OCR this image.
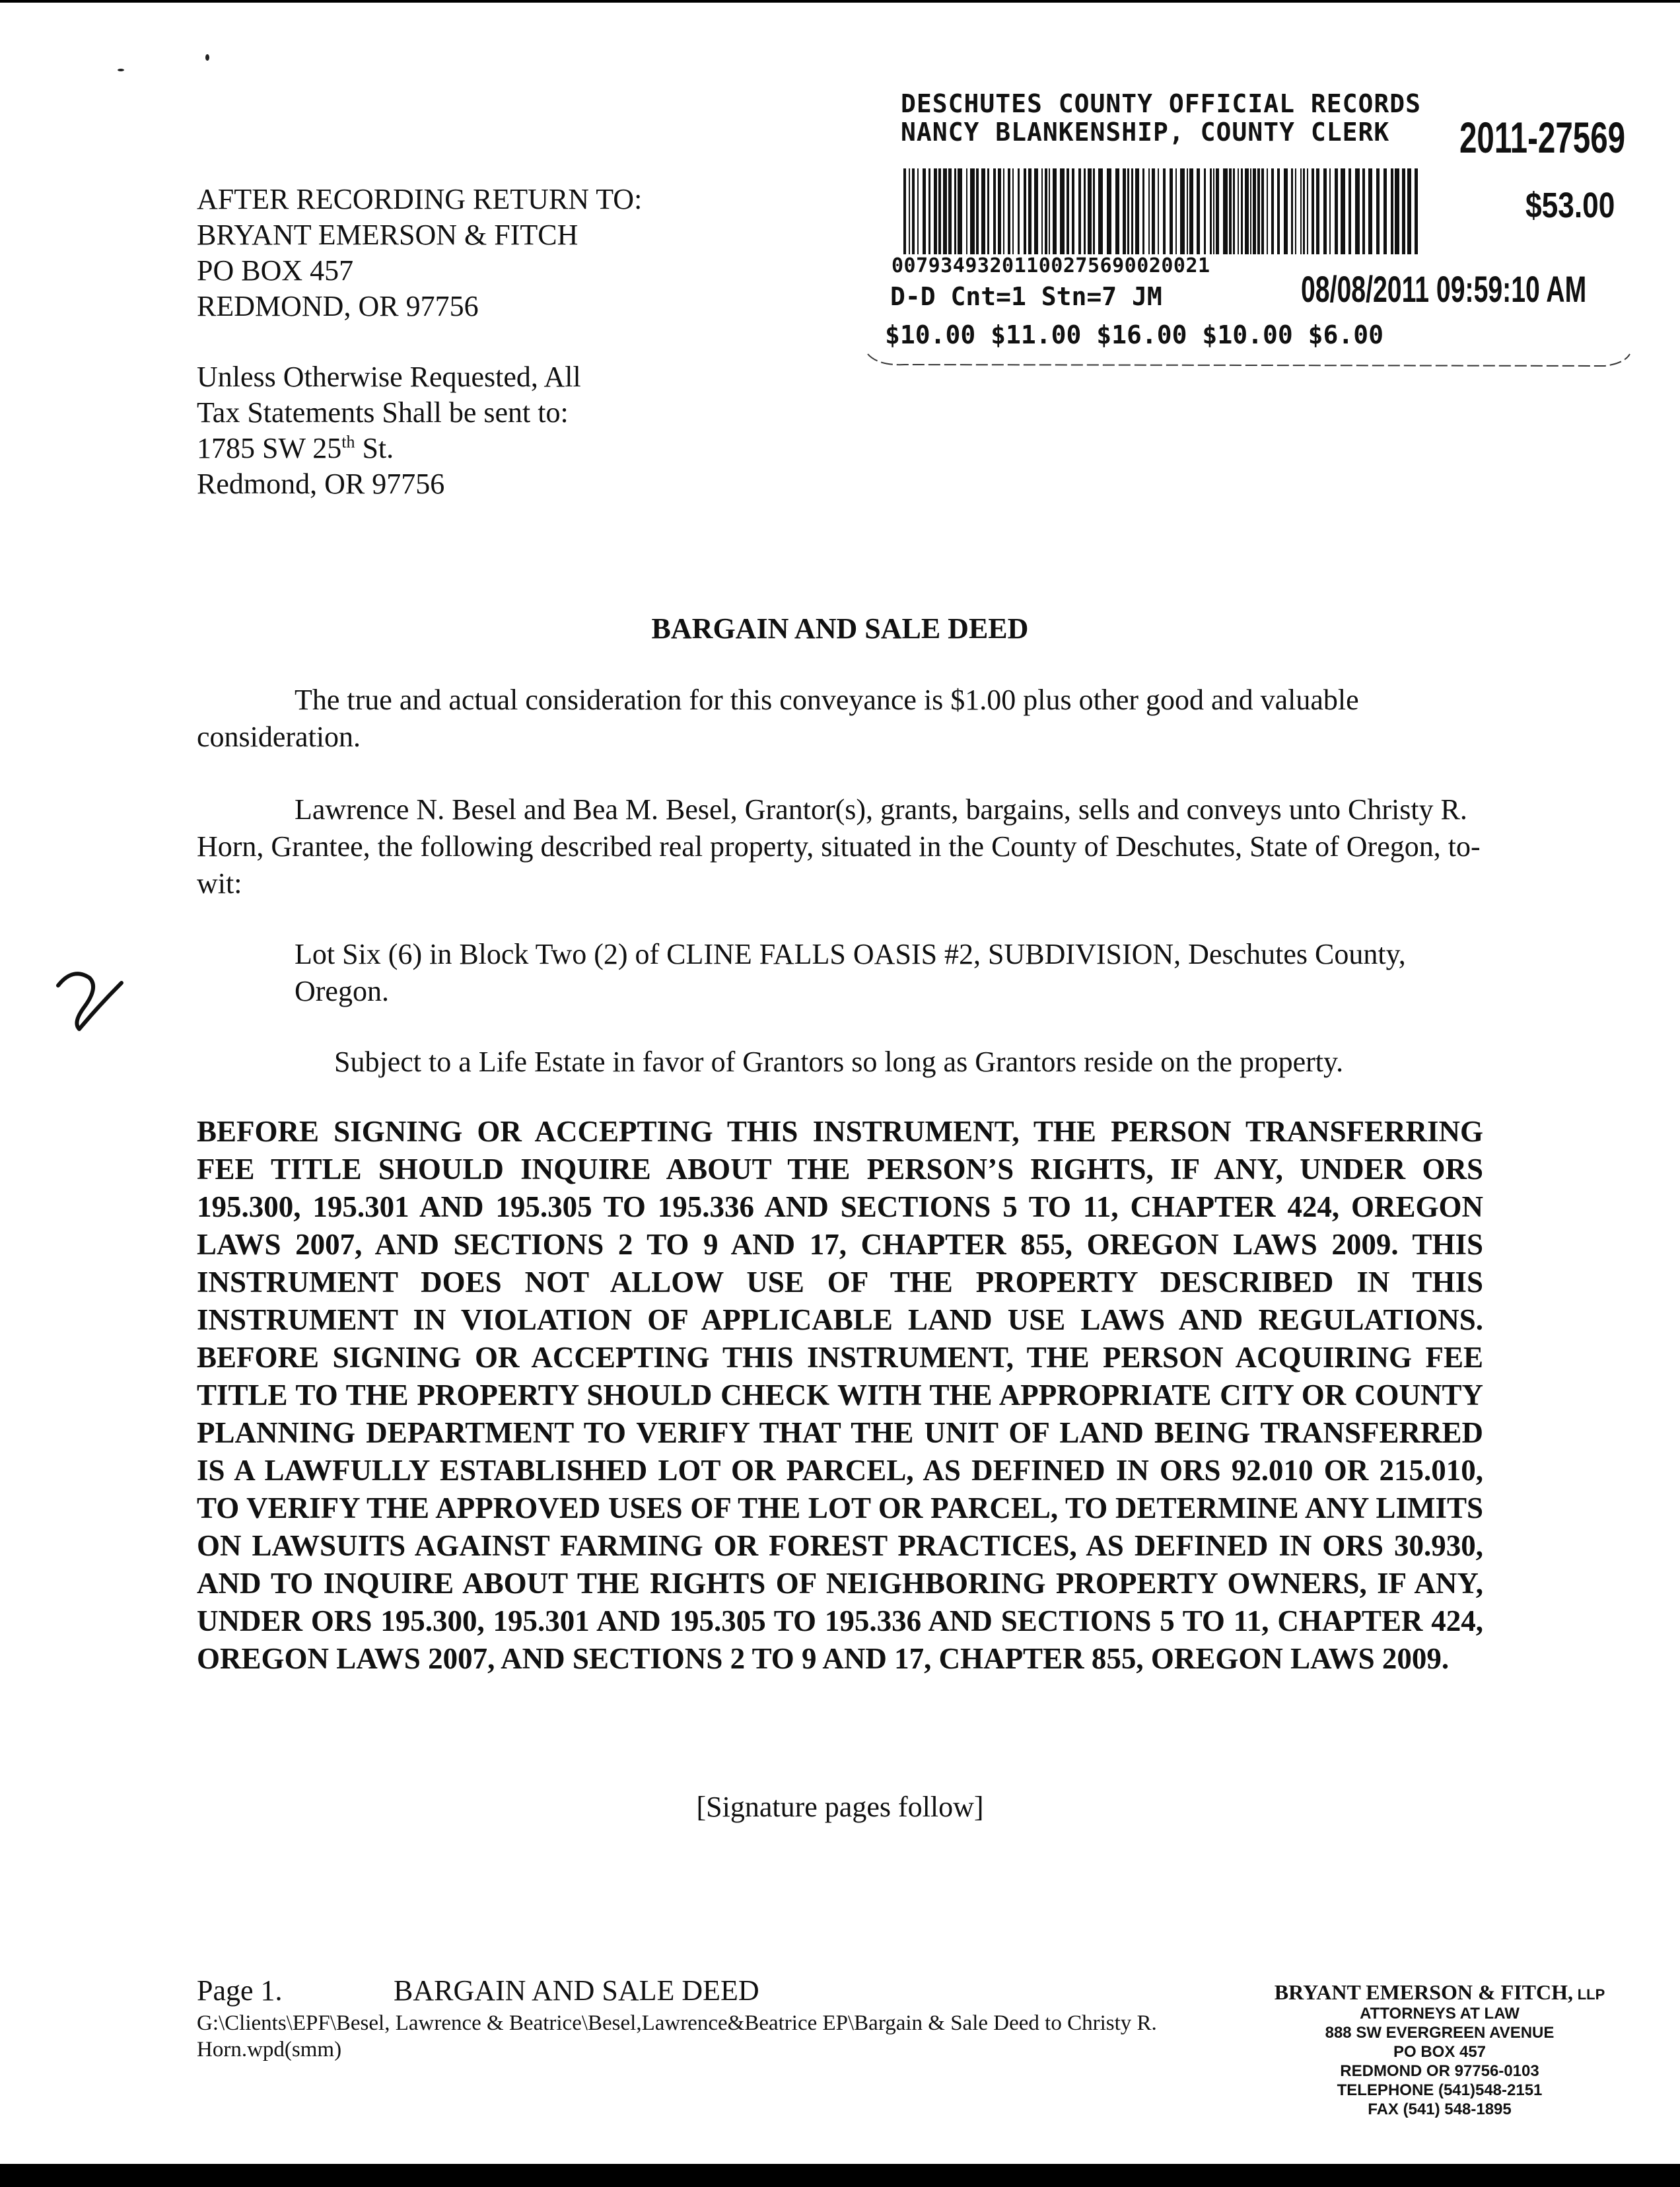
AFTER RECORDING RETURN TO:
BRYANT EMERSON & FITCH
PO BOX 457
REDMOND, OR 97756
Unless Otherwise Requested, All
Tax Statements Shall be sent to:
1785 SW 25th St.
Redmond, OR 97756
DESCHUTES COUNTY OFFICIAL RECORDS
NANCY BLANKENSHIP, COUNTY CLERK 2011-27569
$53.00
00793493201100275690020021
08/08/2011 09:59:10 AM
D-D Cnt=1 Stn=7 JM
$10.00 $11.00 $16.00 $10.00 $6.00
BARGAIN AND SALE DEED
The true and actual consideration for this conveyance is $1.00 plus other good and valuable consideration.
Lawrence N. Besel and Bea M. Besel, Grantor(s), grants, bargains, sells and conveys unto Christy R. Horn, Grantee, the following described real property, situated in the County of Deschutes, State of Oregon, to-wit:
Lot Six (6) in Block Two (2) of CLINE FALLS OASIS #2, SUBDIVISION, Deschutes County, Oregon.
Subject to a Life Estate in favor of Grantors so long as Grantors reside on the property.
BEFORE SIGNING OR ACCEPTING THIS INSTRUMENT, THE PERSON TRANSFERRING FEE TITLE SHOULD INQUIRE ABOUT THE PERSON’S RIGHTS, IF ANY, UNDER ORS 195.300, 195.301 AND 195.305 TO 195.336 AND SECTIONS 5 TO 11, CHAPTER 424, OREGON LAWS 2007, AND SECTIONS 2 TO 9 AND 17, CHAPTER 855, OREGON LAWS 2009. THIS INSTRUMENT DOES NOT ALLOW USE OF THE PROPERTY DESCRIBED IN THIS INSTRUMENT IN VIOLATION OF APPLICABLE LAND USE LAWS AND REGULATIONS. BEFORE SIGNING OR ACCEPTING THIS INSTRUMENT, THE PERSON ACQUIRING FEE TITLE TO THE PROPERTY SHOULD CHECK WITH THE APPROPRIATE CITY OR COUNTY PLANNING DEPARTMENT TO VERIFY THAT THE UNIT OF LAND BEING TRANSFERRED IS A LAWFULLY ESTABLISHED LOT OR PARCEL, AS DEFINED IN ORS 92.010 OR 215.010, TO VERIFY THE APPROVED USES OF THE LOT OR PARCEL, TO DETERMINE ANY LIMITS ON LAWSUITS AGAINST FARMING OR FOREST PRACTICES, AS DEFINED IN ORS 30.930, AND TO INQUIRE ABOUT THE RIGHTS OF NEIGHBORING PROPERTY OWNERS, IF ANY, UNDER ORS 195.300, 195.301 AND 195.305 TO 195.336 AND SECTIONS 5 TO 11, CHAPTER 424, OREGON LAWS 2007, AND SECTIONS 2 TO 9 AND 17, CHAPTER 855, OREGON LAWS 2009.
[Signature pages follow]
Page 1.	BARGAIN AND SALE DEED
G:\Clients\EPF\Besel, Lawrence & Beatrice\Besel,Lawrence&Beatrice EP\Bargain & Sale Deed to Christy R. Horn.wpd(smm)
BRYANT EMERSON & FITCH, LLP
ATTORNEYS AT LAW
888 SW EVERGREEN AVENUE
PO BOX 457
REDMOND OR 97756-0103
TELEPHONE (541)548-2151
FAX (541) 548-1895
